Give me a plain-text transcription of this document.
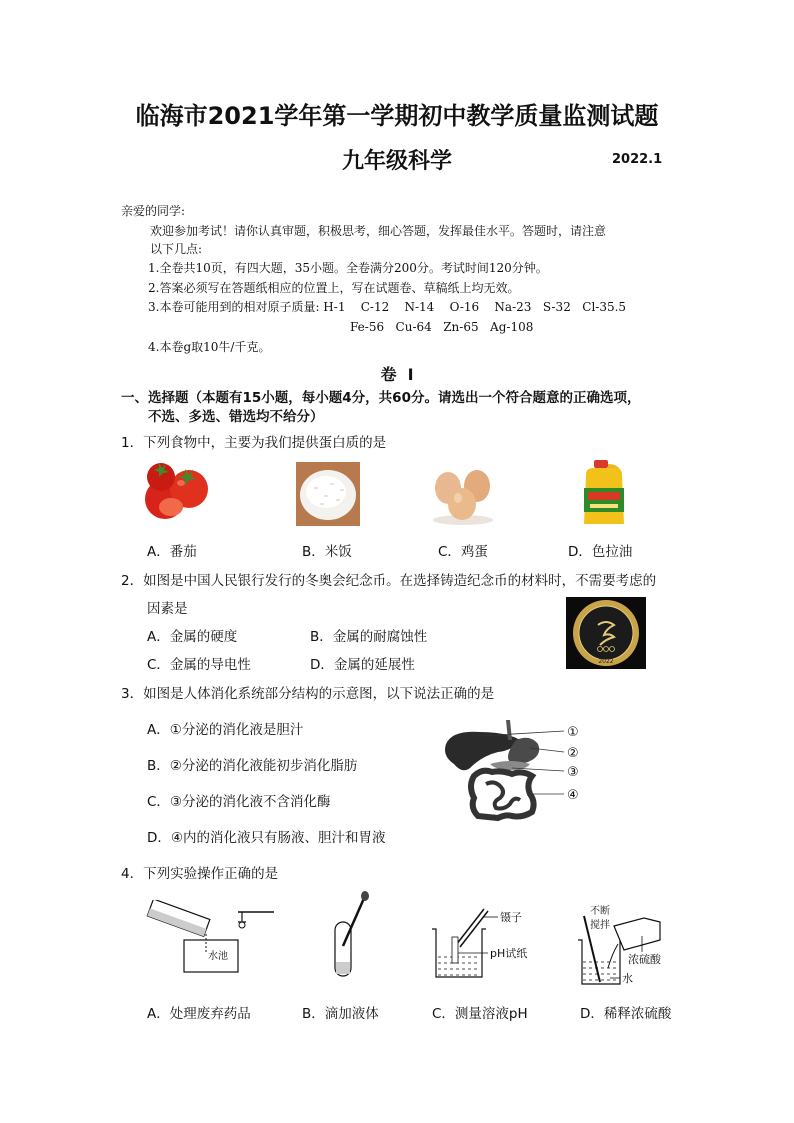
临海市2021学年第一学期初中教学质量监测试题
九年级科学	2022.1
亲爱的同学:
欢迎参加考试！请你认真审题，积极思考，细心答题，发挥最佳水平。答题时，请注意
以下几点:
1.全卷共10页，有四大题，35小题。全卷满分200分。考试时间120分钟。
2.答案必须写在答题纸相应的位置上，写在试题卷、草稿纸上均无效。
3.本卷可能用到的相对原子质量: H-1    C-12    N-14    O-16    Na-23   S-32   Cl-35.5
Fe-56   Cu-64   Zn-65   Ag-108
4.本卷g取10牛/千克。
卷  Ⅰ
一、选择题（本题有15小题，每小题4分，共60分。请选出一个符合题意的正确选项，
不选、多选、错选均不给分）
1．下列食物中，主要为我们提供蛋白质的是
A．番茄	B．米饭	C．鸡蛋	D．色拉油
2．如图是中国人民银行发行的冬奥会纪念币。在选择铸造纪念币的材料时，不需要考虑的
因素是
A．金属的硬度	B．金属的耐腐蚀性
C．金属的导电性	D．金属的延展性	2022
3．如图是人体消化系统部分结构的示意图，以下说法正确的是
A．①分泌的消化液是胆汁
B．②分泌的消化液能初步消化脂肪
C．③分泌的消化液不含消化酶
D．④内的消化液只有肠液、胆汁和胃液
①
②
③
④
4．下列实验操作正确的是
水池
镊子
pH试纸
不断
搅拌
浓硫酸
水
A．处理废弃药品	B．滴加液体	C．测量溶液pH	D．稀释浓硫酸
